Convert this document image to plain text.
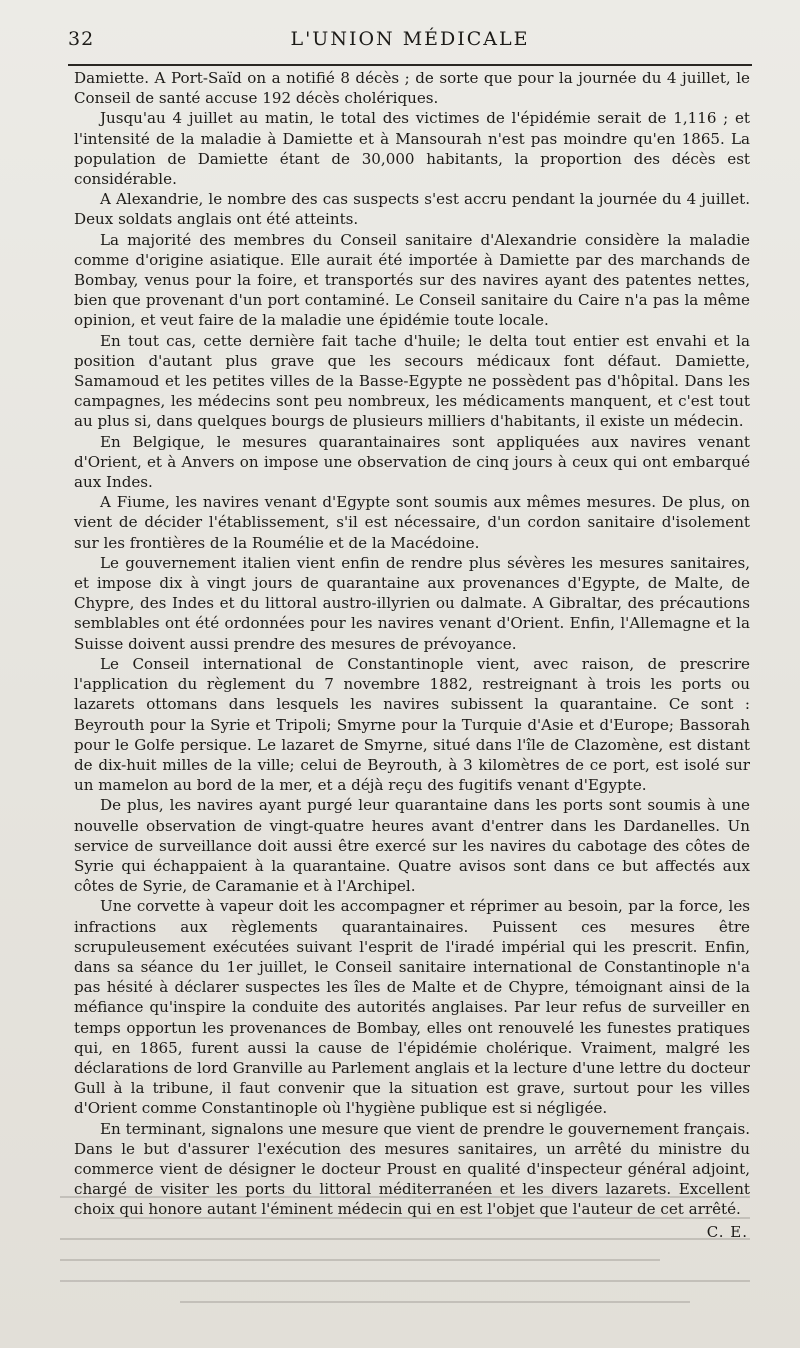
32	L'UNION MÉDICALE

Damiette. A Port-Saïd on a notifié 8 décès ; de sorte que pour la journée du 4 juillet, le Conseil de santé accuse 192 décès cholériques.

Jusqu'au 4 juillet au matin, le total des victimes de l'épidémie serait de 1,116 ; et l'intensité de la maladie à Damiette et à Mansourah n'est pas moindre qu'en 1865. La population de Damiette étant de 30,000 habitants, la proportion des décès est considérable.

A Alexandrie, le nombre des cas suspects s'est accru pendant la journée du 4 juillet. Deux soldats anglais ont été atteints.

La majorité des membres du Conseil sanitaire d'Alexandrie considère la maladie comme d'origine asiatique. Elle aurait été importée à Damiette par des marchands de Bombay, venus pour la foire, et transportés sur des navires ayant des patentes nettes, bien que provenant d'un port contaminé. Le Conseil sanitaire du Caire n'a pas la même opinion, et veut faire de la maladie une épidémie toute locale.

En tout cas, cette dernière fait tache d'huile; le delta tout entier est envahi et la position d'autant plus grave que les secours médicaux font défaut. Damiette, Samamoud et les petites villes de la Basse-Egypte ne possèdent pas d'hôpital. Dans les campagnes, les médecins sont peu nombreux, les médicaments manquent, et c'est tout au plus si, dans quelques bourgs de plusieurs milliers d'habitants, il existe un médecin.

En Belgique, le mesures quarantainaires sont appliquées aux navires venant d'Orient, et à Anvers on impose une observation de cinq jours à ceux qui ont embarqué aux Indes.

A Fiume, les navires venant d'Egypte sont soumis aux mêmes mesures. De plus, on vient de décider l'établissement, s'il est nécessaire, d'un cordon sanitaire d'isolement sur les frontières de la Roumélie et de la Macédoine.

Le gouvernement italien vient enfin de rendre plus sévères les mesures sanitaires, et impose dix à vingt jours de quarantaine aux provenances d'Egypte, de Malte, de Chypre, des Indes et du littoral austro-illyrien ou dalmate. A Gibraltar, des précautions semblables ont été ordonnées pour les navires venant d'Orient. Enfin, l'Allemagne et la Suisse doivent aussi prendre des mesures de prévoyance.

Le Conseil international de Constantinople vient, avec raison, de prescrire l'application du règlement du 7 novembre 1882, restreignant à trois les ports ou lazarets ottomans dans lesquels les navires subissent la quarantaine. Ce sont : Beyrouth pour la Syrie et Tripoli; Smyrne pour la Turquie d'Asie et d'Europe; Bassorah pour le Golfe persique. Le lazaret de Smyrne, situé dans l'île de Clazomène, est distant de dix-huit milles de la ville; celui de Beyrouth, à 3 kilomètres de ce port, est isolé sur un mamelon au bord de la mer, et a déjà reçu des fugitifs venant d'Egypte.

De plus, les navires ayant purgé leur quarantaine dans les ports sont soumis à une nouvelle observation de vingt-quatre heures avant d'entrer dans les Dardanelles. Un service de surveillance doit aussi être exercé sur les navires du cabotage des côtes de Syrie qui échappaient à la quarantaine. Quatre avisos sont dans ce but affectés aux côtes de Syrie, de Caramanie et à l'Archipel.

Une corvette à vapeur doit les accompagner et réprimer au besoin, par la force, les infractions aux règlements quarantainaires. Puissent ces mesures être scrupuleusement exécutées suivant l'esprit de l'iradé impérial qui les prescrit. Enfin, dans sa séance du 1er juillet, le Conseil sanitaire international de Constantinople n'a pas hésité à déclarer suspectes les îles de Malte et de Chypre, témoignant ainsi de la méfiance qu'inspire la conduite des autorités anglaises. Par leur refus de surveiller en temps opportun les provenances de Bombay, elles ont renouvelé les funestes pratiques qui, en 1865, furent aussi la cause de l'épidémie cholérique. Vraiment, malgré les déclarations de lord Granville au Parlement anglais et la lecture d'une lettre du docteur Gull à la tribune, il faut convenir que la situation est grave, surtout pour les villes d'Orient comme Constantinople où l'hygiène publique est si négligée.

En terminant, signalons une mesure que vient de prendre le gouvernement français. Dans le but d'assurer l'exécution des mesures sanitaires, un arrêté du ministre du commerce vient de désigner le docteur Proust en qualité d'inspecteur général adjoint, chargé de visiter les ports du littoral méditerranéen et les divers lazarets. Excellent choix qui honore autant l'éminent médecin qui en est l'objet que l'auteur de cet arrêté.

C. E.
